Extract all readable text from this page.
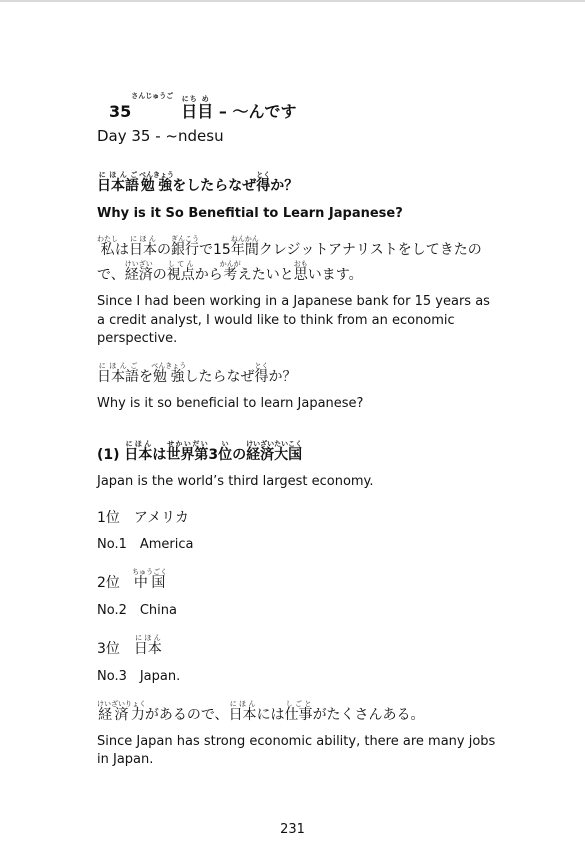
35さんじゅうご日にち目め – ～んです

Day 35 - ~ndesu

日本語にほんご勉強べんきょうをしたらなぜ得とくか？

Why is it So Benefitial to Learn Japanese?

私わたしは日本にほんの銀行ぎんこうで15年間ねんかんクレジットアナリストをしてきたので、経済けいざいの視点してんから考かんがえたいと思おもいます。

Since I had been working in a Japanese bank for 15 years as a credit analyst, I would like to think from an economic perspective.

日本語にほんごを勉強べんきょうしたらなぜ得とくか？

Why is it so beneficial to learn Japanese?

(1) 日本にほんは世界第せかいだい3位いの経済大国けいざいたいこく

Japan is the world’s third largest economy.

1位　アメリカ

No.1　America

2位　中国ちゅうごく

No.2　China

3位　日本にほん

No.3　Japan.

経済力けいざいりょくがあるので、日本にほんには仕事しごとがたくさんある。

Since Japan has strong economic ability, there are many jobs in Japan.

231
